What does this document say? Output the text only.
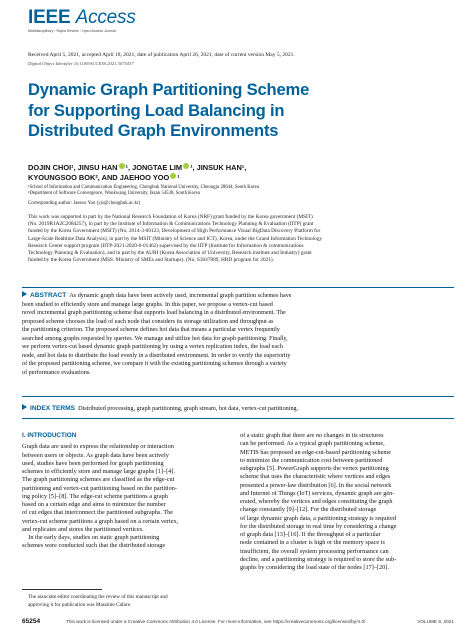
IEEE Access
Multidisciplinary ⁝ Rapid Review ⁝ Open Access Journal
Received April 5, 2021, accepted April 18, 2021, date of publication April 26, 2021, date of current version May 5, 2021.
Digital Object Identifier 10.1109/ACCESS.2021.3075437
Dynamic Graph Partitioning Scheme
for Supporting Load Balancing in
Distributed Graph Environments
DOJIN CHOI¹, JINSU HAN ¹, JONGTAE LIM ¹, JINSUK HAN¹,
KYOUNGSOO BOK², AND JAEHOO YOO ¹
¹School of Information and Communication Engineering, Chungbuk National University, Cheongju 28644, South Korea
²Department of Software Convergence, Wonkwang University, Iksan 54538, South Korea
Corresponding author: Jaesoo Yoo (yjs@chungbuk.ac.kr)
This work was supported in part by the National Research Foundation of Korea (NRF) grant funded by the Korea government (MSIT)
(No. 2019R1A2C2084257), in part by the Institute of Information & Communications Technology Planning & Evaluation (IITP) grant
funded by the Korea Government (MSIT) (No. 2014-3-00123, Development of High Performance Visual BigData Discovery Platform for
Large-Scale Realtime Data Analysis), in part by the MSIT (Ministry of Science and ICT), Korea, under the Grand Information Technology
Research Center support program (IITP-2021-2020-0-01462) supervised by the IITP (Institute for Information & communications
Technology Planning & Evaluation), and in part by the AURI (Korea Association of University, Research institute and Industry) grant
funded by the Korea Government (MSS: Ministry of SMEs and Startups). (No. S3047889, HRD program for 2021).
ABSTRACT As dynamic graph data have been actively used, incremental graph partition schemes have
been studied to efficiently store and manage large graphs. In this paper, we propose a vertex-cut based
novel incremental graph partitioning scheme that supports load balancing in a distributed environment. The
proposed scheme chooses the load of each node that considers its storage utilization and throughput as
the partitioning criterion. The proposed scheme defines hot data that means a particular vertex frequently
searched among graphs requested by queries. We manage and utilize hot data for graph partitioning. Finally,
we perform vertex-cut based dynamic graph partitioning by using a vertex replication index, the load each
node, and hot data to distribute the load evenly in a distributed environment. In order to verify the superiority
of the proposed partitioning scheme, we compare it with the existing partitioning schemes through a variety
of performance evaluations.
INDEX TERMS Distributed processing, graph partitioning, graph stream, hot data, vertex-cut partitioning.
I. INTRODUCTION
Graph data are used to express the relationship or interaction
between users or objects. As graph data have been actively
used, studies have been performed for graph partitioning
schemes to efficiently store and manage large graphs [1]–[4].
The graph partitioning schemes are classified as the edge-cut
partitioning and vertex-cut partitioning based on the partition-
ing policy [5]–[8]. The edge-cut scheme partitions a graph
based on a certain edge and aims to minimize the number
of cut edges that interconnect the partitioned subgraphs. The
vertex-cut scheme partitions a graph based on a certain vertex,
and replicates and stores the partitioned vertices.
In the early days, studies on static graph partitioning
schemes were conducted such that the distributed storage
of a static graph that there are no changes in its structures
can be performed. As a typical graph partitioning scheme,
METIS has proposed an edge-cut-based partitioning scheme
to minimize the communication cost between partitioned
subgraphs [5]. PowerGraph supports the vertex partitioning
scheme that uses the characteristic where vertices and edges
presented a power-law distribution [6]. In the social network
and Internet of Things (IoT) services, dynamic graph are gen-
erated, whereby the vertices and edges constituting the graph
change constantly [9]–[12]. For the distributed storage
of large dynamic graph data, a partitioning strategy is required
for the distributed storage in real time by considering a change
of graph data [13]–[16]. If the throughput of a particular
node contained in a cluster is high or the memory space is
insufficient, the overall system processing performance can
decline, and a partitioning strategy is required to store the sub-
graphs by considering the load state of the nodes [17]–[20].
The associate editor coordinating the review of this manuscript and
approving it for publication was Massimo Cafaro
65254	This work is licensed under a Creative Commons Attribution 4.0 License. For more information, see https://creativecommons.org/licenses/by/4.0/	VOLUME 9, 2021
